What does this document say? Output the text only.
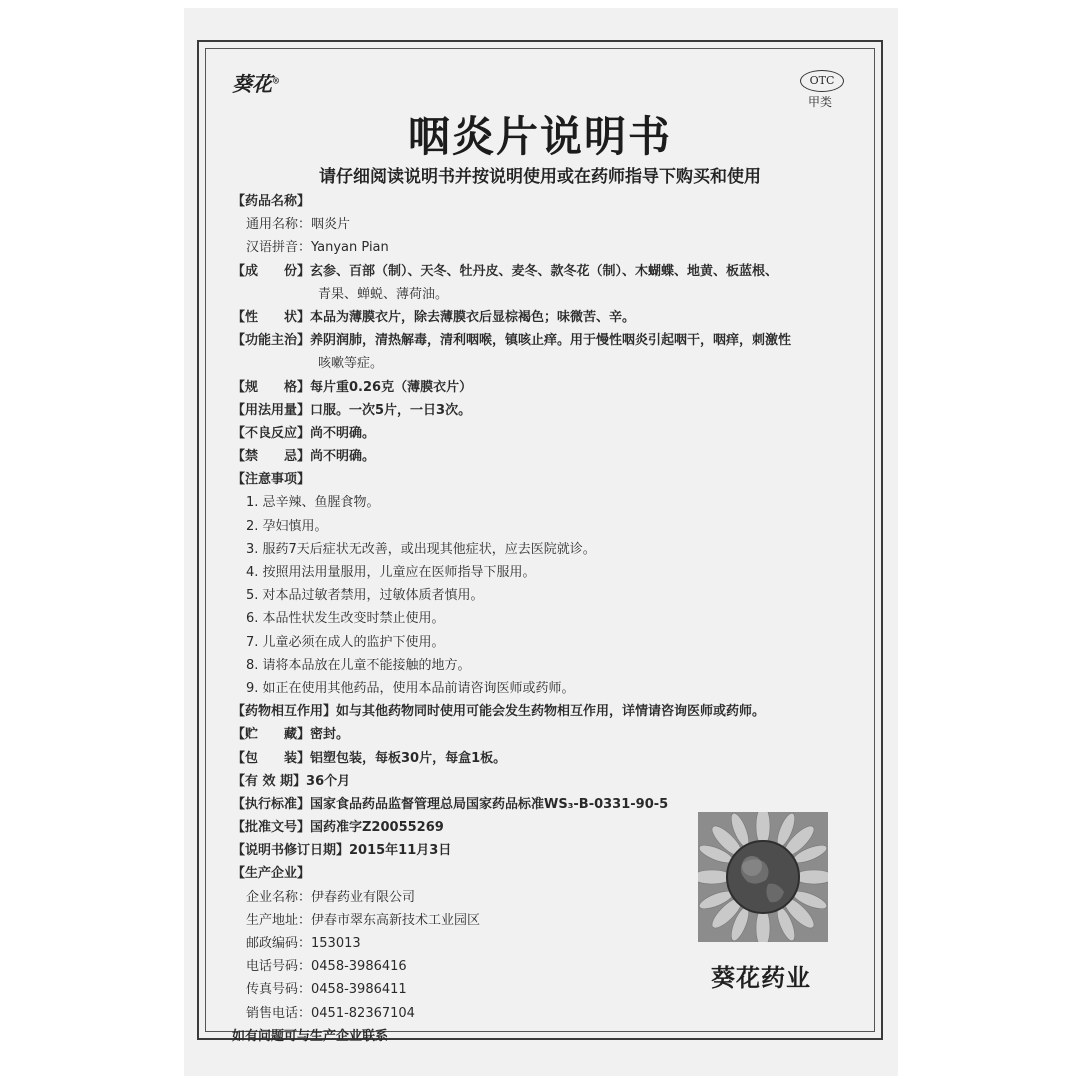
葵花®	OTC
甲类
咽炎片说明书
请仔细阅读说明书并按说明使用或在药师指导下购买和使用
【药品名称】
通用名称：咽炎片
汉语拼音：Yanyan Pian
【成　　份】玄参、百部（制）、天冬、牡丹皮、麦冬、款冬花（制）、木蝴蝶、地黄、板蓝根、
青果、蝉蜕、薄荷油。
【性　　状】本品为薄膜衣片，除去薄膜衣后显棕褐色；味微苦、辛。
【功能主治】养阴润肺，清热解毒，清利咽喉，镇咳止痒。用于慢性咽炎引起咽干，咽痒，刺激性
咳嗽等症。
【规　　格】每片重0.26克（薄膜衣片）
【用法用量】口服。一次5片，一日3次。
【不良反应】尚不明确。
【禁　　忌】尚不明确。
【注意事项】
1. 忌辛辣、鱼腥食物。
2. 孕妇慎用。
3. 服药7天后症状无改善，或出现其他症状，应去医院就诊。
4. 按照用法用量服用，儿童应在医师指导下服用。
5. 对本品过敏者禁用，过敏体质者慎用。
6. 本品性状发生改变时禁止使用。
7. 儿童必须在成人的监护下使用。
8. 请将本品放在儿童不能接触的地方。
9. 如正在使用其他药品，使用本品前请咨询医师或药师。
【药物相互作用】如与其他药物同时使用可能会发生药物相互作用，详情请咨询医师或药师。
【贮　　藏】密封。
【包　　装】铝塑包装，每板30片，每盒1板。
【有 效 期】36个月
【执行标准】国家食品药品监督管理总局国家药品标准WS₃-B-0331-90-5
【批准文号】国药准字Z20055269
【说明书修订日期】2015年11月3日
【生产企业】
企业名称：伊春药业有限公司
生产地址：伊春市翠东高新技术工业园区
邮政编码：153013
电话号码：0458-3986416
传真号码：0458-3986411
销售电话：0451-82367104
如有问题可与生产企业联系
葵花药业
